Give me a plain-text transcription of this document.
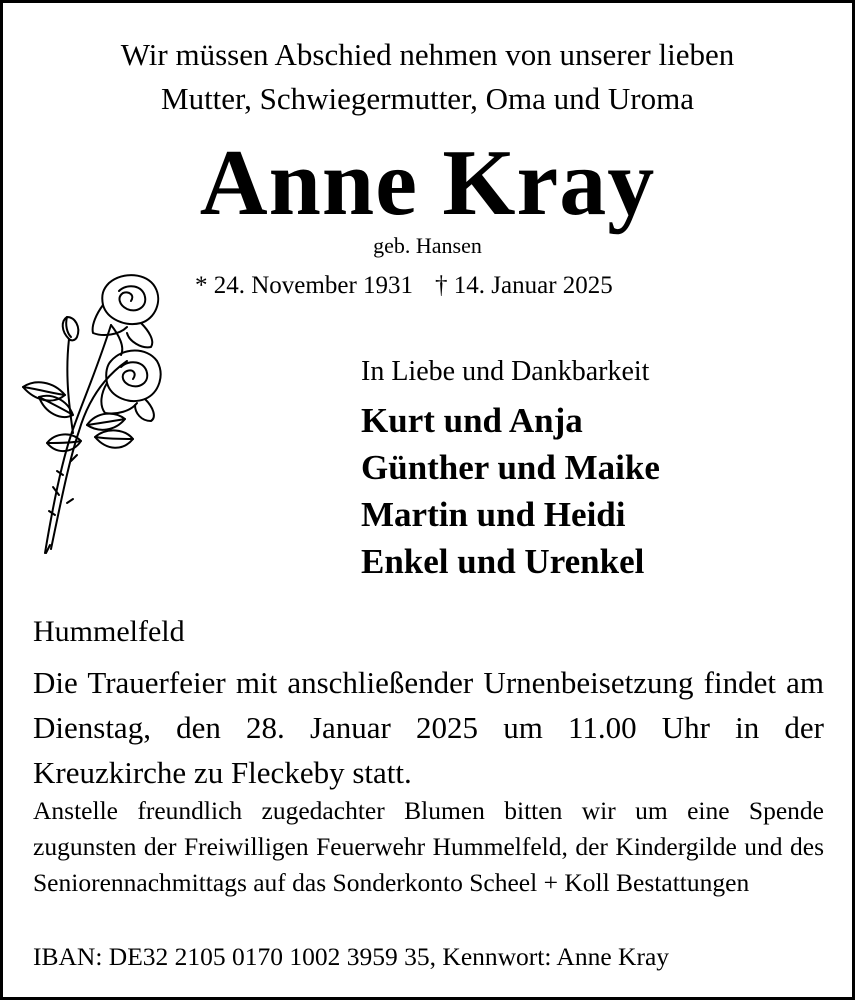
Wir müssen Abschied nehmen von unserer lieben
Mutter, Schwiegermutter, Oma und Uroma
Anne Kray
geb. Hansen
* 24. November 1931 † 14. Januar 2025
In Liebe und Dankbarkeit
Kurt und Anja
Günther und Maike
Martin und Heidi
Enkel und Urenkel
Hummelfeld
Die Trauerfeier mit anschließender Urnenbeisetzung findet am Dienstag, den 28. Januar 2025 um 11.00 Uhr in der Kreuzkirche zu Fleckeby statt.
Anstelle freundlich zugedachter Blumen bitten wir um eine Spende zugunsten der Freiwilligen Feuerwehr Hummelfeld, der Kindergilde und des Seniorennachmittags auf das Sonderkonto Scheel + Koll Bestattungen
IBAN: DE32 2105 0170 1002 3959 35, Kennwort: Anne Kray
